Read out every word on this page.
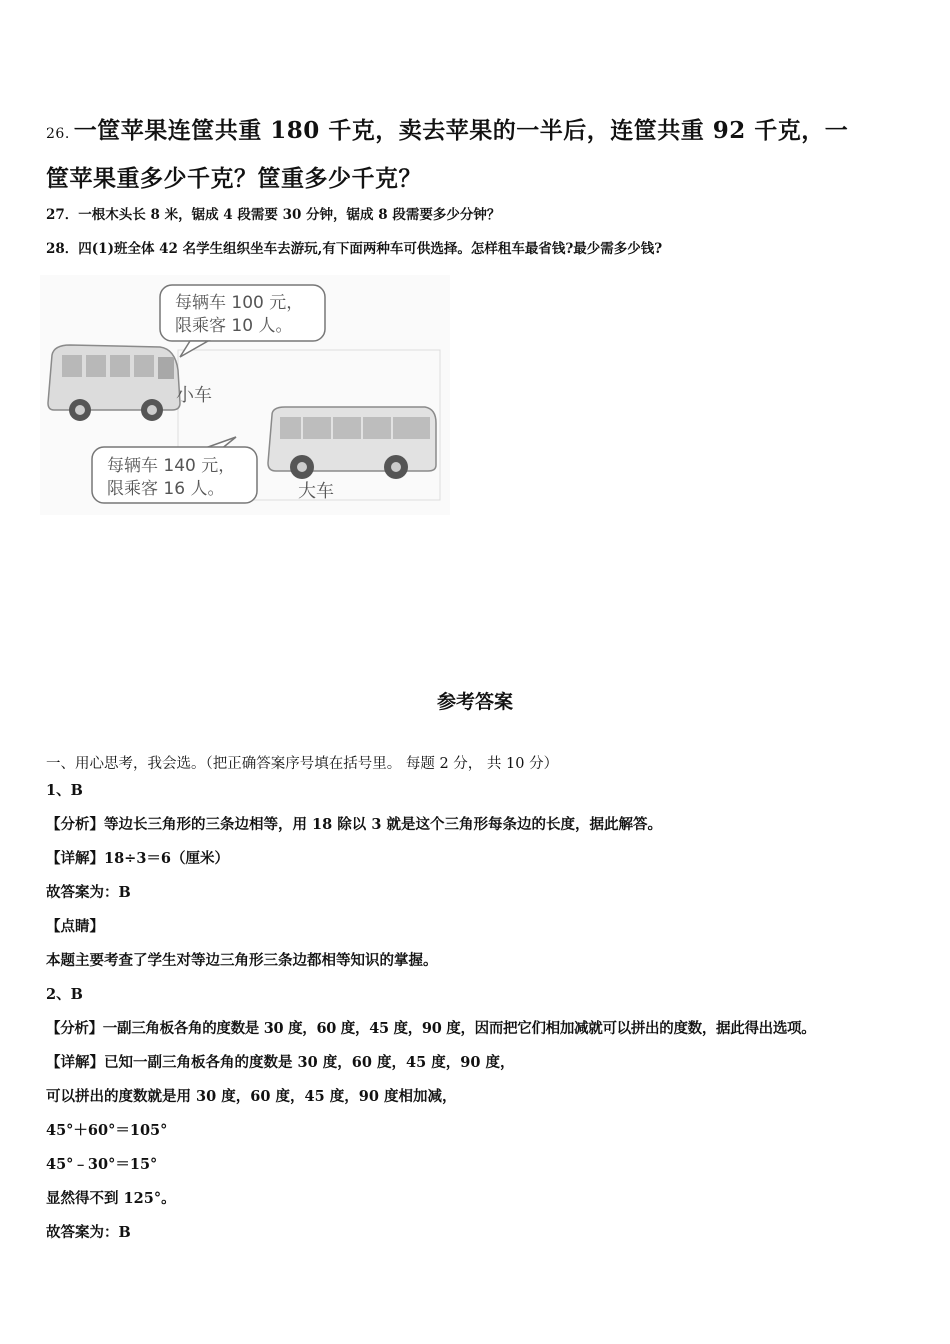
26. 一筐苹果连筐共重 180 千克，卖去苹果的一半后，连筐共重 92 千克，一
筐苹果重多少千克？筐重多少千克？
27．一根木头长 8 米，锯成 4 段需要 30 分钟，锯成 8 段需要多少分钟？
28．四(1)班全体 42 名学生组织坐车去游玩,有下面两种车可供选择。怎样租车最省钱?最少需多少钱?
每辆车 100 元，
限乘客 10 人。
小车
大车
每辆车 140 元，
限乘客 16 人。
参考答案
一、用心思考，我会选。（把正确答案序号填在括号里。 每题 2 分， 共 10 分）
1、B
【分析】等边长三角形的三条边相等，用 18 除以 3 就是这个三角形每条边的长度，据此解答。
【详解】18÷3＝6（厘米）
故答案为：B
【点睛】
本题主要考查了学生对等边三角形三条边都相等知识的掌握。
2、B
【分析】一副三角板各角的度数是 30 度，60 度，45 度，90 度，因而把它们相加减就可以拼出的度数，据此得出选项。
【详解】已知一副三角板各角的度数是 30 度，60 度，45 度，90 度，
可以拼出的度数就是用 30 度，60 度，45 度，90 度相加减，
45°＋60°＝105°
45°﹣30°＝15°
显然得不到 125°。
故答案为：B
